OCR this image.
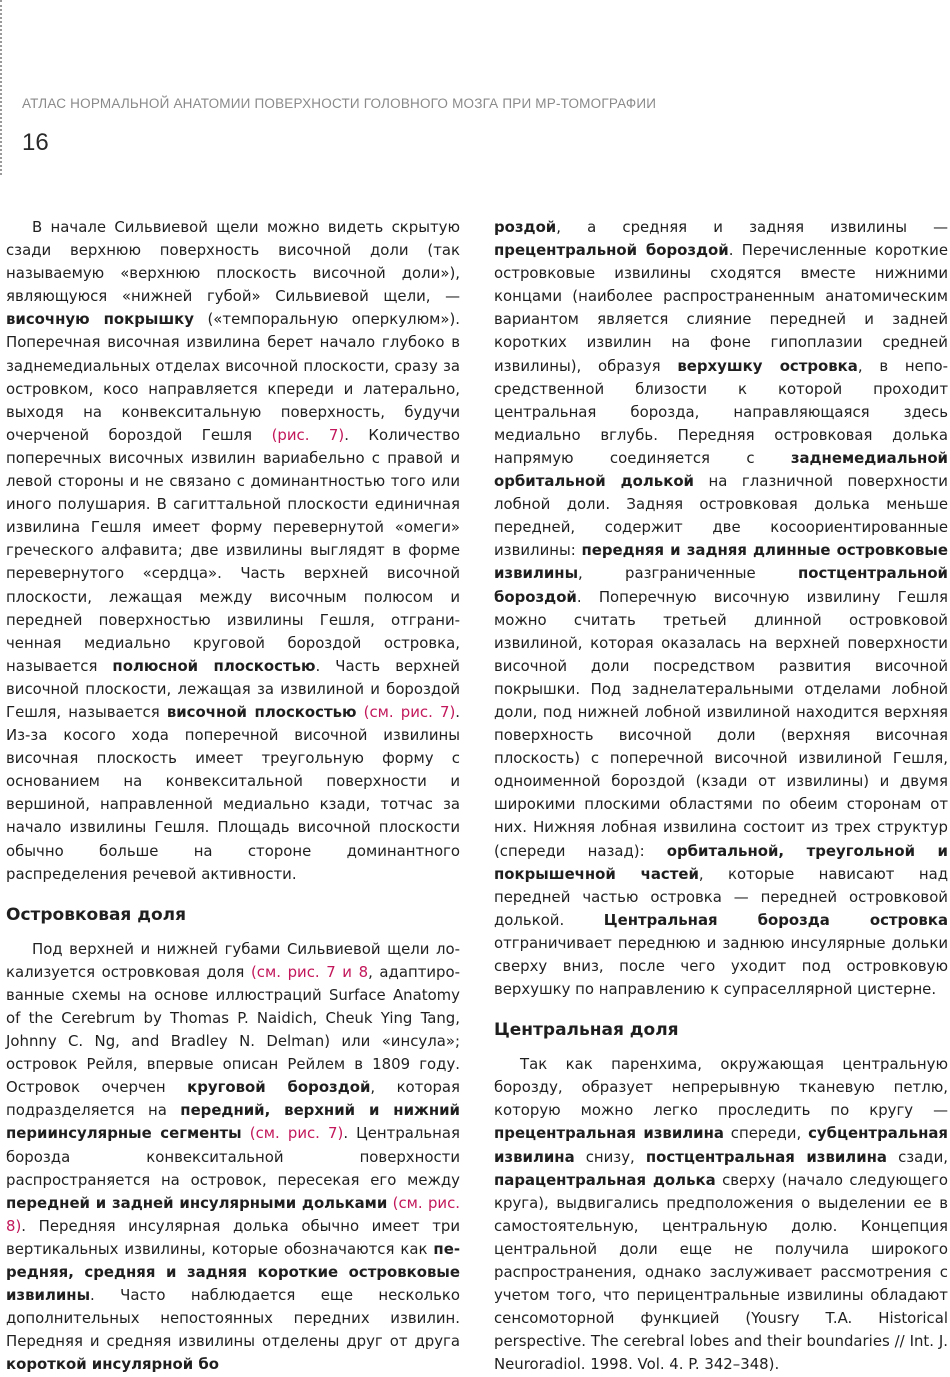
АТЛАС НОРМАЛЬНОЙ АНАТОМИИ ПОВЕРХНОСТИ ГОЛОВНОГО МОЗГА ПРИ МР-ТОМОГРАФИИ
16

В начале Сильвиевой щели можно видеть скрытую сзади верхнюю поверхность височной доли (так называемую «верхнюю плоскость височной доли»), являющуюся «нижней губой» Сильвиевой щели, — височную покрышку («темпоральную оперкулюм»). Поперечная височная извилина берет начало глубоко в заднемедиальных отделах височной плоскости, сразу за островком, косо направляется кпереди и латерально, выходя на конвекситальную поверхность, будучи очерченой бороздой Гешля (рис. 7). Количество поперечных височных извилин вариабельно с правой и левой стороны и не связано с доминантностью того или иного полушария. В сагиттальной плоскости единичная извилина Гешля имеет форму перевернутой «омеги» греческого алфавита; две извилины выглядят в форме перевернутого «сердца». Часть верхней височной плоскости, лежащая между височным полюсом и передней поверхностью извилины Гешля, отграниченная медиально круговой бороздой островка, называется полюсной плоскостью. Часть верхней височной плоскости, лежащая за извилиной и бороздой Гешля, называется височной плоскостью (см. рис. 7). Из-за косого хода поперечной височной извилины височная плоскость имеет треугольную форму с основанием на конвекситальной поверхности и вершиной, направленной медиально кзади, тотчас за начало извилины Гешля. Площадь височной плоскости обычно больше на стороне доминантного распределения речевой активности.

Островковая доля

Под верхней и нижней губами Сильвиевой щели локализуется островковая доля (см. рис. 7 и 8, адаптированные схемы на основе иллюстраций Surface Anatomy of the Cerebrum by Thomas P. Naidich, Cheuk Ying Tang, Johnny C. Ng, and Bradley N. Delman) или «инсула»; островок Рейля, впервые описан Рейлем в 1809 году. Островок очерчен круговой бороздой, которая подразделяется на передний, верхний и нижний периинсулярные сегменты (см. рис. 7). Центральная борозда конвекситальной поверхности распространяется на островок, пересекая его между передней и задней инсулярными дольками (см. рис. 8). Передняя инсулярная долька обычно имеет три вертикальных извилины, которые обозначаются как передняя, средняя и задняя короткие островковые извилины. Часто наблюдается еще несколько дополнительных непостоянных передних извилин. Передняя и средняя извилины отделены друг от друга короткой инсулярной бо

роздой, а средняя и задняя извилины — прецентральной бороздой. Перечисленные короткие островковые извилины сходятся вместе нижними концами (наиболее распространенным анатомическим вариантом является слияние передней и задней коротких извилин на фоне гипоплазии средней извилины), образуя верхушку островка, в непосредственной близости к которой проходит центральная борозда, направляющаяся здесь медиально вглубь. Передняя островковая долька напрямую соединяется с заднемедиальной орбитальной долькой на глазничной поверхности лобной доли. Задняя островковая долька меньше передней, содержит две косоориентированные извилины: передняя и задняя длинные островковые извилины, разграниченные постцентральной бороздой. Поперечную височную извилину Гешля можно считать третьей длинной островковой извилиной, которая оказалась на верхней поверхности височной доли посредством развития височной покрышки. Под заднелатеральными отделами лобной доли, под нижней лобной извилиной находится верхняя поверхность височной доли (верхняя височная плоскость) с поперечной височной извилиной Гешля, одноименной бороздой (кзади от извилины) и двумя широкими плоскими областями по обеим сторонам от них. Нижняя лобная извилина состоит из трех структур (спереди назад): орбитальной, треугольной и покрышечной частей, которые нависают над передней частью островка — передней островковой долькой. Центральная борозда островка отграничивает переднюю и заднюю инсулярные дольки сверху вниз, после чего уходит под островковую верхушку по направлению к супраселлярной цистерне.

Центральная доля

Так как паренхима, окружающая центральную борозду, образует непрерывную тканевую петлю, которую можно легко проследить по кругу — прецентральная извилина спереди, субцентральная извилина снизу, постцентральная извилина сзади, парацентральная долька сверху (начало следующего круга), выдвигались предположения о выделении ее в самостоятельную, центральную долю. Концепция центральной доли еще не получила широкого распространения, однако заслуживает рассмотрения с учетом того, что перицентральные извилины обладают сенсомоторной функцией (Yousry T.A. Historical perspective. The cerebral lobes and their boundaries // Int. J. Neuroradiol. 1998. Vol. 4. P. 342–348).
